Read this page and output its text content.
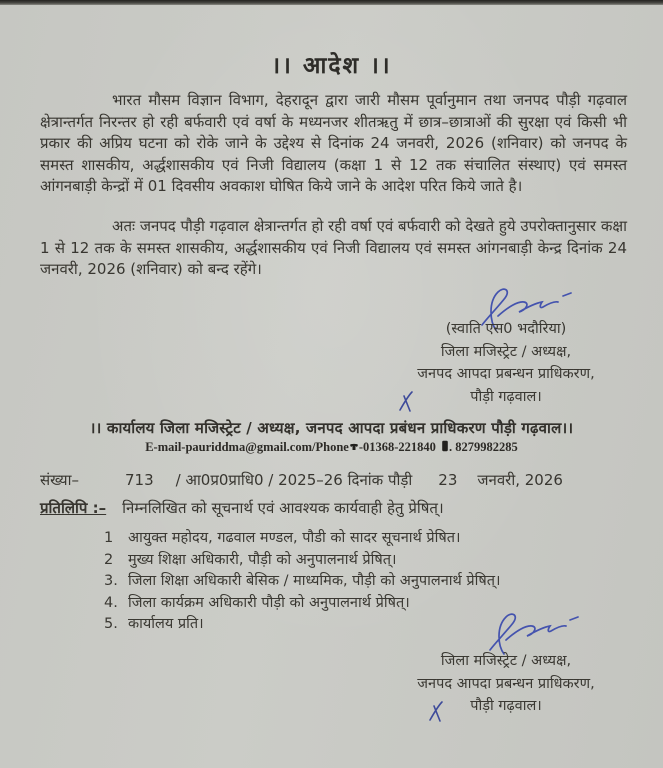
।। आदेश ।।
भारत मौसम विज्ञान विभाग, देहरादून द्वारा जारी मौसम पूर्वानुमान तथा जनपद पौड़ी गढ़वाल क्षेत्रान्तर्गत निरन्तर हो रही बर्फवारी एवं वर्षा के मध्यनजर शीतऋतु में छात्र–छात्राओं की सुरक्षा एवं किसी भी प्रकार की अप्रिय घटना को रोके जाने के उद्देश्य से दिनांक 24 जनवरी, 2026 (शनिवार) को जनपद के समस्त शासकीय, अर्द्धशासकीय एवं निजी विद्यालय (कक्षा 1 से 12 तक संचालित संस्थाए) एवं समस्त आंगनबाड़ी केन्द्रों में 01 दिवसीय अवकाश घोषित किये जाने के आदेश परित किये जाते है।
अतः जनपद पौड़ी गढ़वाल क्षेत्रान्तर्गत हो रही वर्षा एवं बर्फवारी को देखते हुये उपरोक्तानुसार कक्षा 1 से 12 तक के समस्त शासकीय, अर्द्धशासकीय एवं निजी विद्यालय एवं समस्त आंगनबाड़ी केन्द्र दिनांक 24 जनवरी, 2026 (शनिवार) को बन्द रहेंगे।
(स्वाति एस0 भदौरिया)
जिला मजिस्ट्रेट / अध्यक्ष,
जनपद आपदा प्रबन्धन प्राधिकरण,
पौड़ी गढ़वाल।
।। कार्यालय जिला मजिस्ट्रेट / अध्यक्ष, जनपद आपदा प्रबंधन प्राधिकरण पौड़ी गढ़वाल।।
E-mail-pauriddma@gmail.com/Phone -01368-221840 . 8279982285
संख्या–	713 / आ0प्र0प्राधि0 / 2025–26 दिनांक पौड़ी 23 जनवरी, 2026
प्रतिलिपि :– निम्नलिखित को सूचनार्थ एवं आवश्यक कार्यवाही हेतु प्रेषित्।
1	आयुक्त महोदय, गढवाल मण्डल, पौडी को सादर सूचनार्थ प्रेषित।
2	मुख्य शिक्षा अधिकारी, पौड़ी को अनुपालनार्थ प्रेषित्।
3. जिला शिक्षा अधिकारी बेसिक / माध्यमिक, पौड़ी को अनुपालनार्थ प्रेषित्।
4. जिला कार्यक्रम अधिकारी पौड़ी को अनुपालनार्थ प्रेषित्।
5. कार्यालय प्रति।
जिला मजिस्ट्रेट / अध्यक्ष,
जनपद आपदा प्रबन्धन प्राधिकरण,
पौड़ी गढ़वाल।
